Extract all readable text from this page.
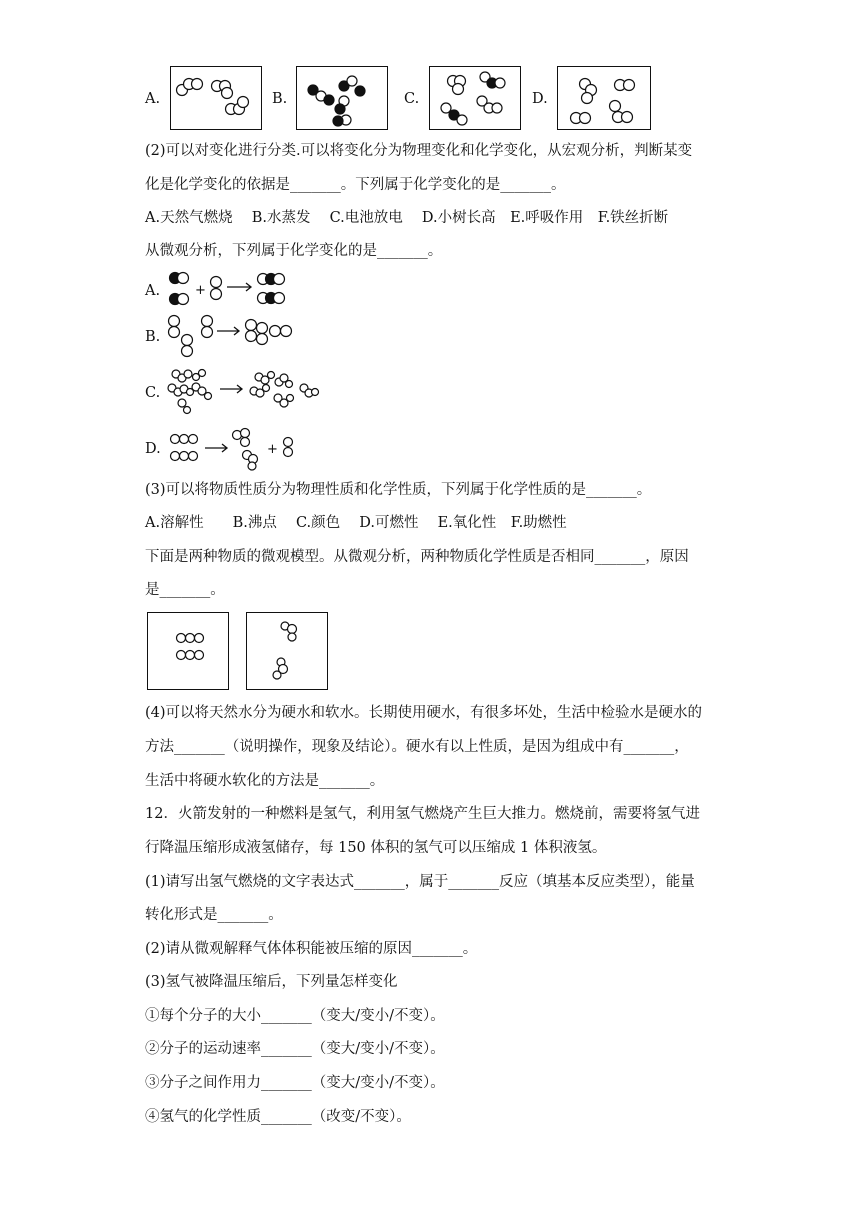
A.	B.	C.	D.
(2)可以对变化进行分类.可以将变化分为物理变化和化学变化，从宏观分析，判断某变
化是化学变化的依据是_______。下列属于化学变化的是_______。
A.天然气燃烧　 B.水蒸发　 C.电池放电　 D.小树长高　E.呼吸作用　F.铁丝折断
从微观分析，下列属于化学变化的是_______。
A.	+
B.
C.
D.	+
(3)可以将物质性质分为物理性质和化学性质，下列属于化学性质的是_______。
A.溶解性　　B.沸点　 C.颜色　 D.可燃性　 E.氧化性　F.助燃性
下面是两种物质的微观模型。从微观分析，两种物质化学性质是否相同_______，原因
是_______。
(4)可以将天然水分为硬水和软水。长期使用硬水，有很多坏处，生活中检验水是硬水的
方法_______（说明操作，现象及结论）。硬水有以上性质，是因为组成中有_______，
生活中将硬水软化的方法是_______。
12．火箭发射的一种燃料是氢气，利用氢气燃烧产生巨大推力。燃烧前，需要将氢气进
行降温压缩形成液氢储存，每 150 体积的氢气可以压缩成 1 体积液氢。
(1)请写出氢气燃烧的文字表达式_______，属于_______反应（填基本反应类型），能量
转化形式是_______。
(2)请从微观解释气体体积能被压缩的原因_______。
(3)氢气被降温压缩后，下列量怎样变化
①每个分子的大小_______（变大/变小/不变）。
②分子的运动速率_______（变大/变小/不变）。
③分子之间作用力_______（变大/变小/不变）。
④氢气的化学性质_______（改变/不变）。
